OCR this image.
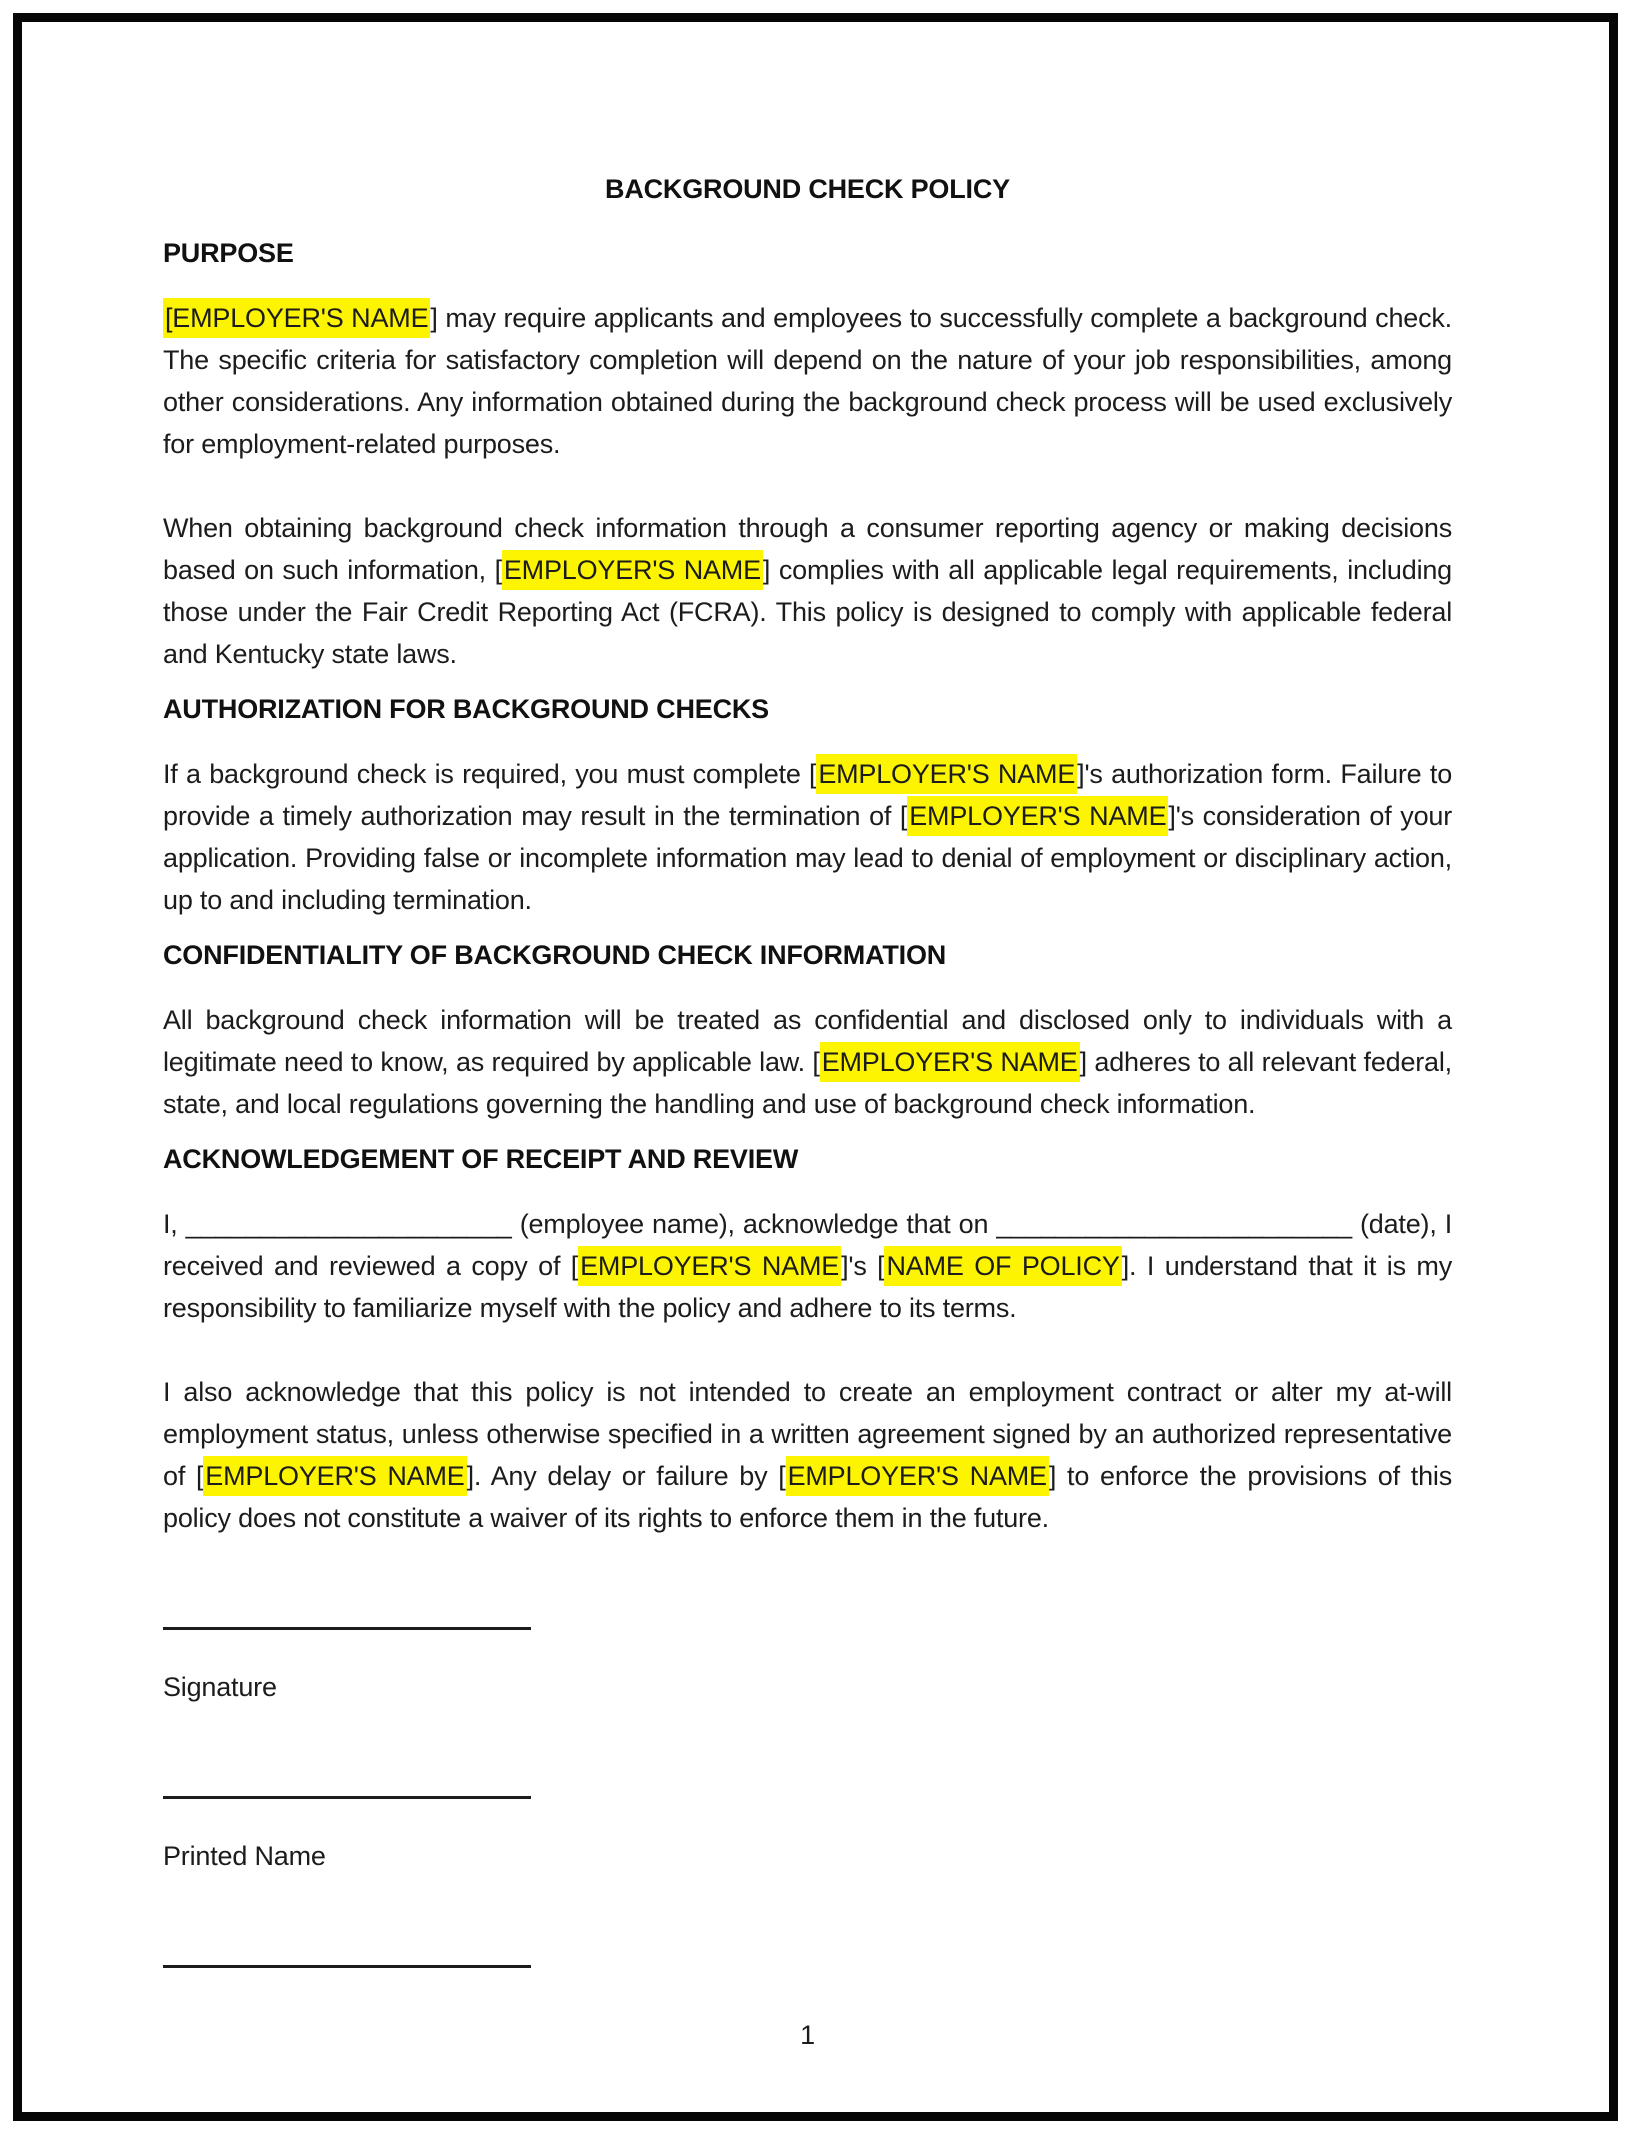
BACKGROUND CHECK POLICY
PURPOSE

[EMPLOYER'S NAME] may require applicants and employees to successfully complete a background check. The specific criteria for satisfactory completion will depend on the nature of your job responsibilities, among other considerations. Any information obtained during the background check process will be used exclusively for employment-related purposes.

When obtaining background check information through a consumer reporting agency or making decisions based on such information, [EMPLOYER'S NAME] complies with all applicable legal requirements, including those under the Fair Credit Reporting Act (FCRA). This policy is designed to comply with applicable federal and Kentucky state laws.

AUTHORIZATION FOR BACKGROUND CHECKS

If a background check is required, you must complete [EMPLOYER'S NAME]'s authorization form. Failure to provide a timely authorization may result in the termination of [EMPLOYER'S NAME]'s consideration of your application. Providing false or incomplete information may lead to denial of employment or disciplinary action, up to and including termination.

CONFIDENTIALITY OF BACKGROUND CHECK INFORMATION

All background check information will be treated as confidential and disclosed only to individuals with a legitimate need to know, as required by applicable law. [EMPLOYER'S NAME] adheres to all relevant federal, state, and local regulations governing the handling and use of background check information.

ACKNOWLEDGEMENT OF RECEIPT AND REVIEW

I, ______________________ (employee name), acknowledge that on ________________________ (date), I received and reviewed a copy of [EMPLOYER'S NAME]'s [NAME OF POLICY]. I understand that it is my responsibility to familiarize myself with the policy and adhere to its terms.

I also acknowledge that this policy is not intended to create an employment contract or alter my at-will employment status, unless otherwise specified in a written agreement signed by an authorized representative of [EMPLOYER'S NAME]. Any delay or failure by [EMPLOYER'S NAME] to enforce the provisions of this policy does not constitute a waiver of its rights to enforce them in the future.

Signature

Printed Name

1
